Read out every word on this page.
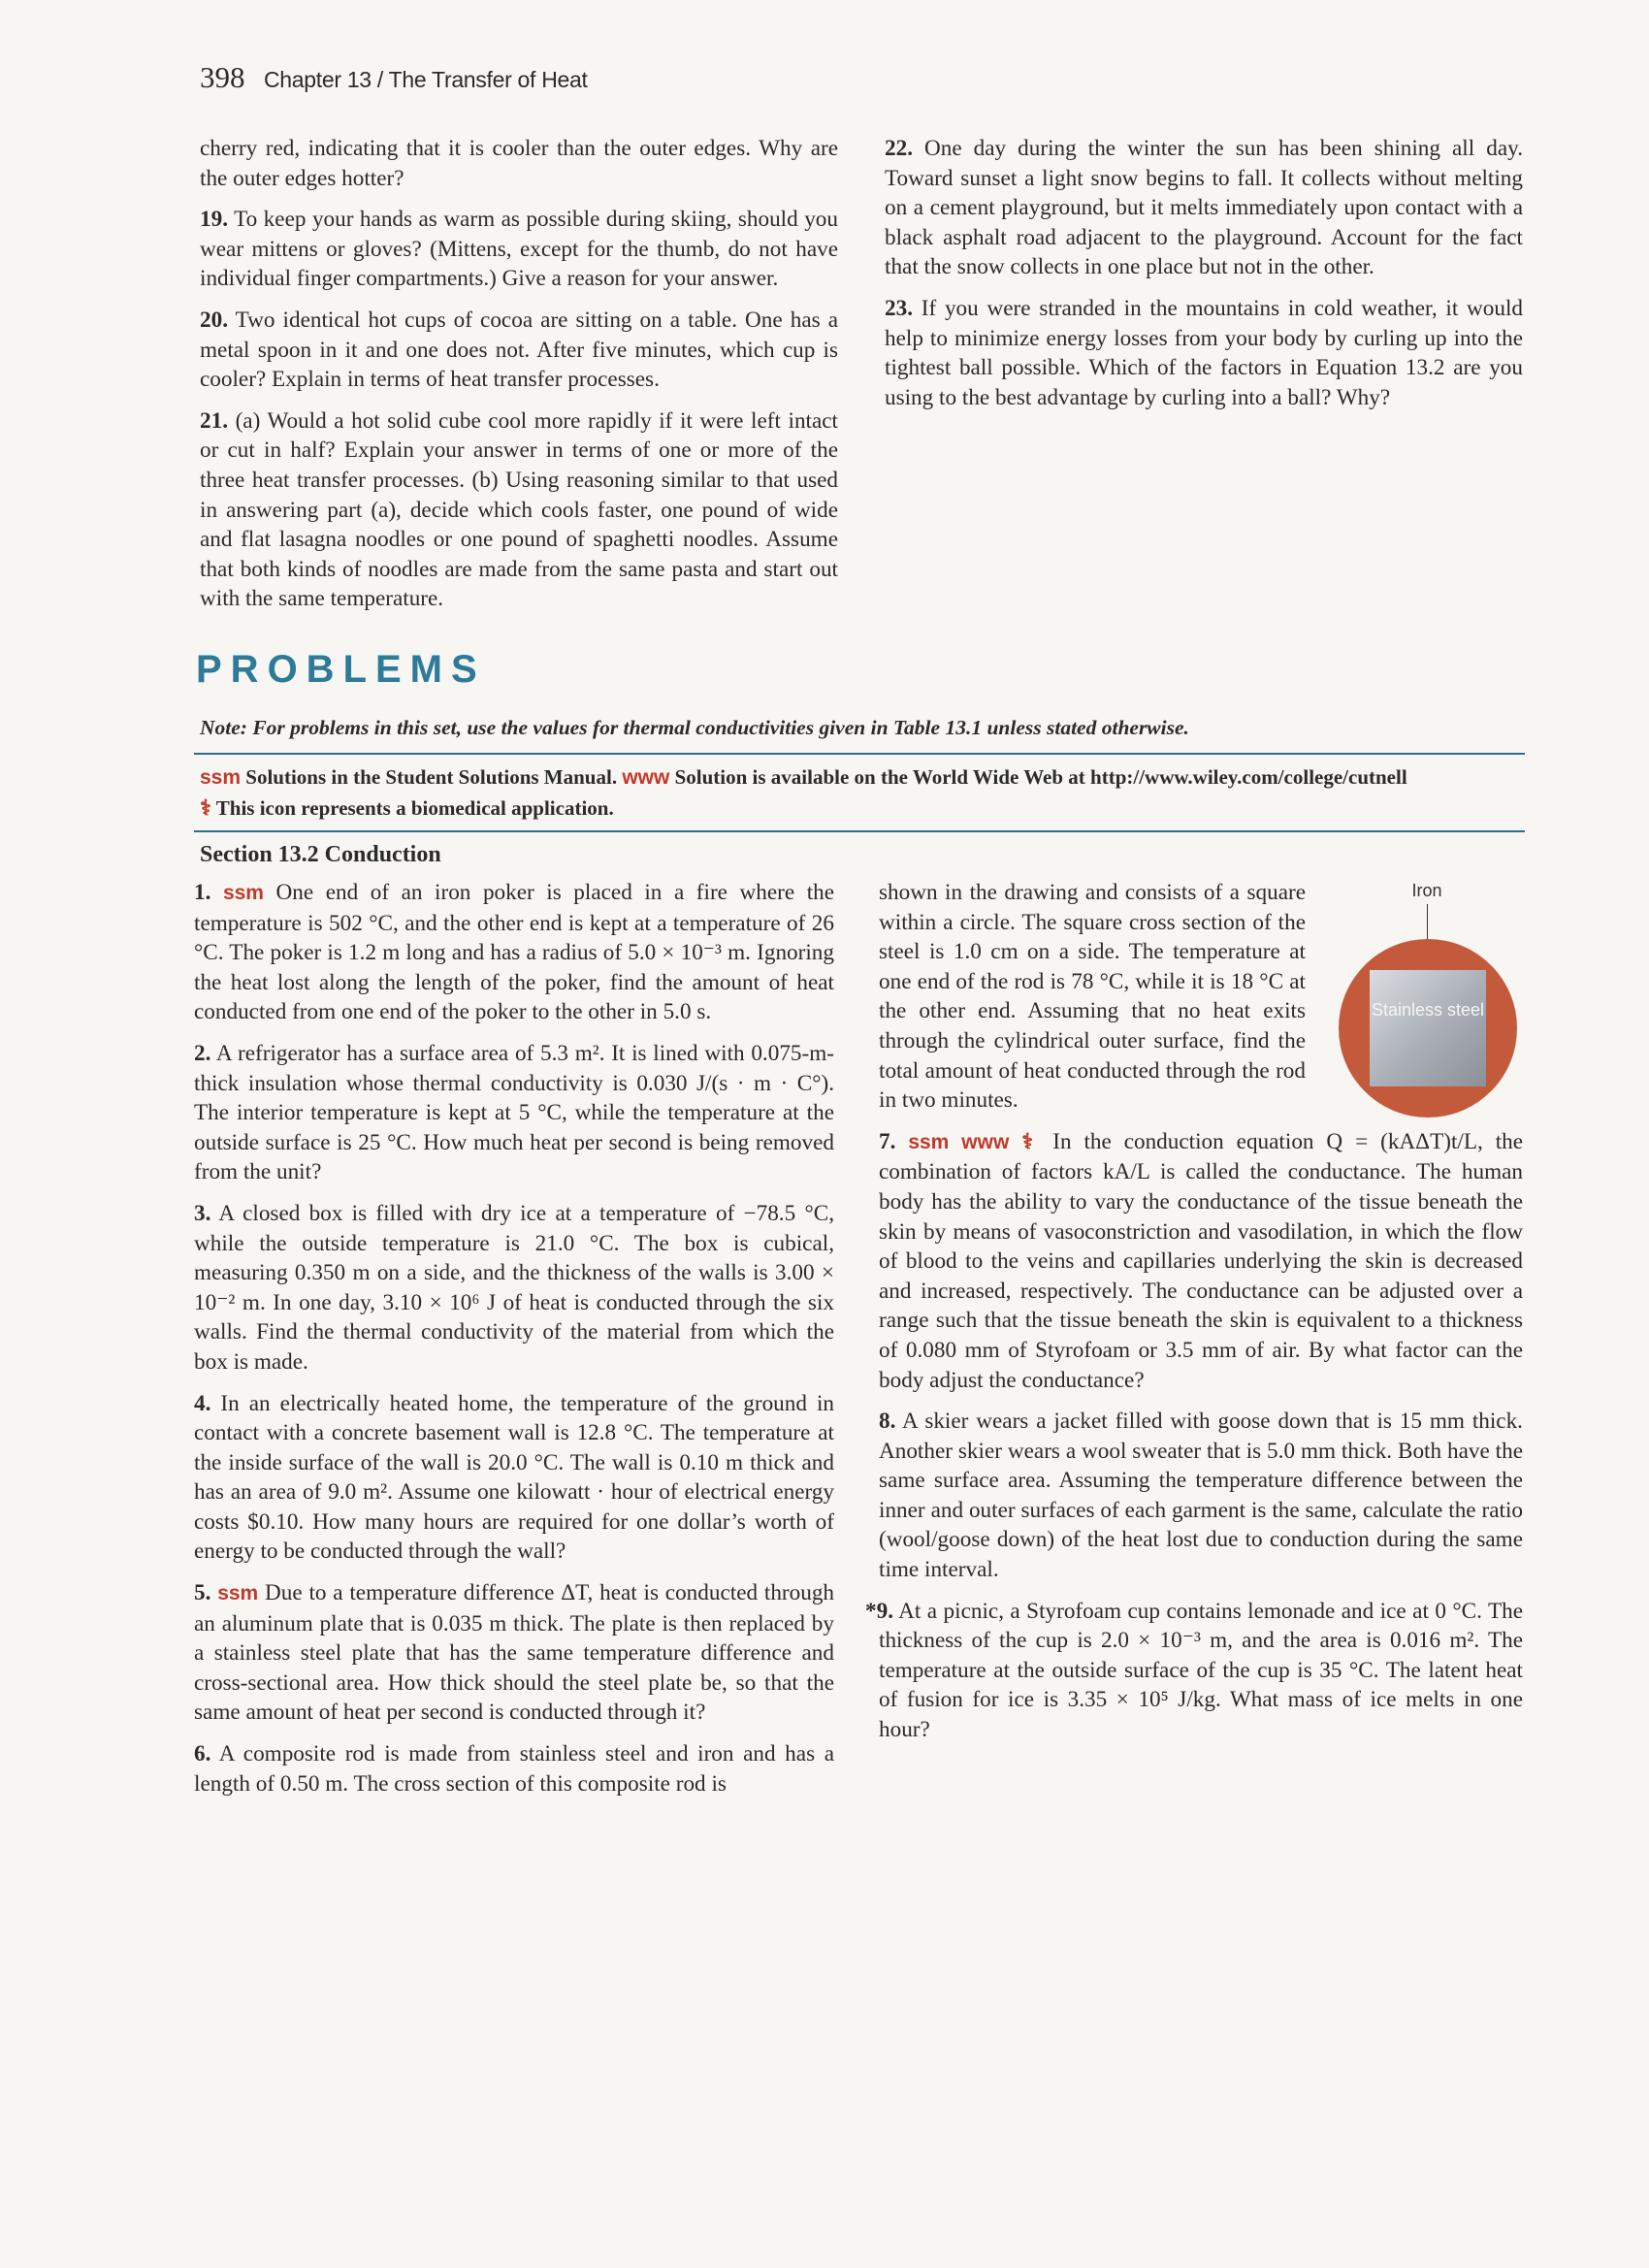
398 Chapter 13 / The Transfer of Heat

cherry red, indicating that it is cooler than the outer edges. Why are the outer edges hotter?

19. To keep your hands as warm as possible during skiing, should you wear mittens or gloves? (Mittens, except for the thumb, do not have individual finger compartments.) Give a reason for your answer.

20. Two identical hot cups of cocoa are sitting on a table. One has a metal spoon in it and one does not. After five minutes, which cup is cooler? Explain in terms of heat transfer processes.

21. (a) Would a hot solid cube cool more rapidly if it were left intact or cut in half? Explain your answer in terms of one or more of the three heat transfer processes. (b) Using reasoning similar to that used in answering part (a), decide which cools faster, one pound of wide and flat lasagna noodles or one pound of spaghetti noodles. Assume that both kinds of noodles are made from the same pasta and start out with the same temperature.

22. One day during the winter the sun has been shining all day. Toward sunset a light snow begins to fall. It collects without melting on a cement playground, but it melts immediately upon contact with a black asphalt road adjacent to the playground. Account for the fact that the snow collects in one place but not in the other.

23. If you were stranded in the mountains in cold weather, it would help to minimize energy losses from your body by curling up into the tightest ball possible. Which of the factors in Equation 13.2 are you using to the best advantage by curling into a ball? Why?

PROBLEMS
Note: For problems in this set, use the values for thermal conductivities given in Table 13.1 unless stated otherwise.
ssm Solutions in the Student Solutions Manual. www Solution is available on the World Wide Web at http://www.wiley.com/college/cutnell
⚕ This icon represents a biomedical application.
Section 13.2 Conduction

1. ssm One end of an iron poker is placed in a fire where the temperature is 502 °C, and the other end is kept at a temperature of 26 °C. The poker is 1.2 m long and has a radius of 5.0 × 10⁻³ m. Ignoring the heat lost along the length of the poker, find the amount of heat conducted from one end of the poker to the other in 5.0 s.

2. A refrigerator has a surface area of 5.3 m². It is lined with 0.075-m-thick insulation whose thermal conductivity is 0.030 J/(s · m · C°). The interior temperature is kept at 5 °C, while the temperature at the outside surface is 25 °C. How much heat per second is being removed from the unit?

3. A closed box is filled with dry ice at a temperature of −78.5 °C, while the outside temperature is 21.0 °C. The box is cubical, measuring 0.350 m on a side, and the thickness of the walls is 3.00 × 10⁻² m. In one day, 3.10 × 10⁶ J of heat is conducted through the six walls. Find the thermal conductivity of the material from which the box is made.

4. In an electrically heated home, the temperature of the ground in contact with a concrete basement wall is 12.8 °C. The temperature at the inside surface of the wall is 20.0 °C. The wall is 0.10 m thick and has an area of 9.0 m². Assume one kilowatt · hour of electrical energy costs $0.10. How many hours are required for one dollar’s worth of energy to be conducted through the wall?

5. ssm Due to a temperature difference ΔT, heat is conducted through an aluminum plate that is 0.035 m thick. The plate is then replaced by a stainless steel plate that has the same temperature difference and cross-sectional area. How thick should the steel plate be, so that the same amount of heat per second is conducted through it?

6. A composite rod is made from stainless steel and iron and has a length of 0.50 m. The cross section of this composite rod is

shown in the drawing and consists of a square within a circle. The square cross section of the steel is 1.0 cm on a side. The temperature at one end of the rod is 78 °C, while it is 18 °C at the other end. Assuming that no heat exits through the cylindrical outer surface, find the total amount of heat conducted through the rod in two minutes.

7. ssm www ⚕ In the conduction equation Q = (kAΔT)t/L, the combination of factors kA/L is called the conductance. The human body has the ability to vary the conductance of the tissue beneath the skin by means of vasoconstriction and vasodilation, in which the flow of blood to the veins and capillaries underlying the skin is decreased and increased, respectively. The conductance can be adjusted over a range such that the tissue beneath the skin is equivalent to a thickness of 0.080 mm of Styrofoam or 3.5 mm of air. By what factor can the body adjust the conductance?

8. A skier wears a jacket filled with goose down that is 15 mm thick. Another skier wears a wool sweater that is 5.0 mm thick. Both have the same surface area. Assuming the temperature difference between the inner and outer surfaces of each garment is the same, calculate the ratio (wool/goose down) of the heat lost due to conduction during the same time interval.

*9. At a picnic, a Styrofoam cup contains lemonade and ice at 0 °C. The thickness of the cup is 2.0 × 10⁻³ m, and the area is 0.016 m². The temperature at the outside surface of the cup is 35 °C. The latent heat of fusion for ice is 3.35 × 10⁵ J/kg. What mass of ice melts in one hour?

Iron
Stainless steel
